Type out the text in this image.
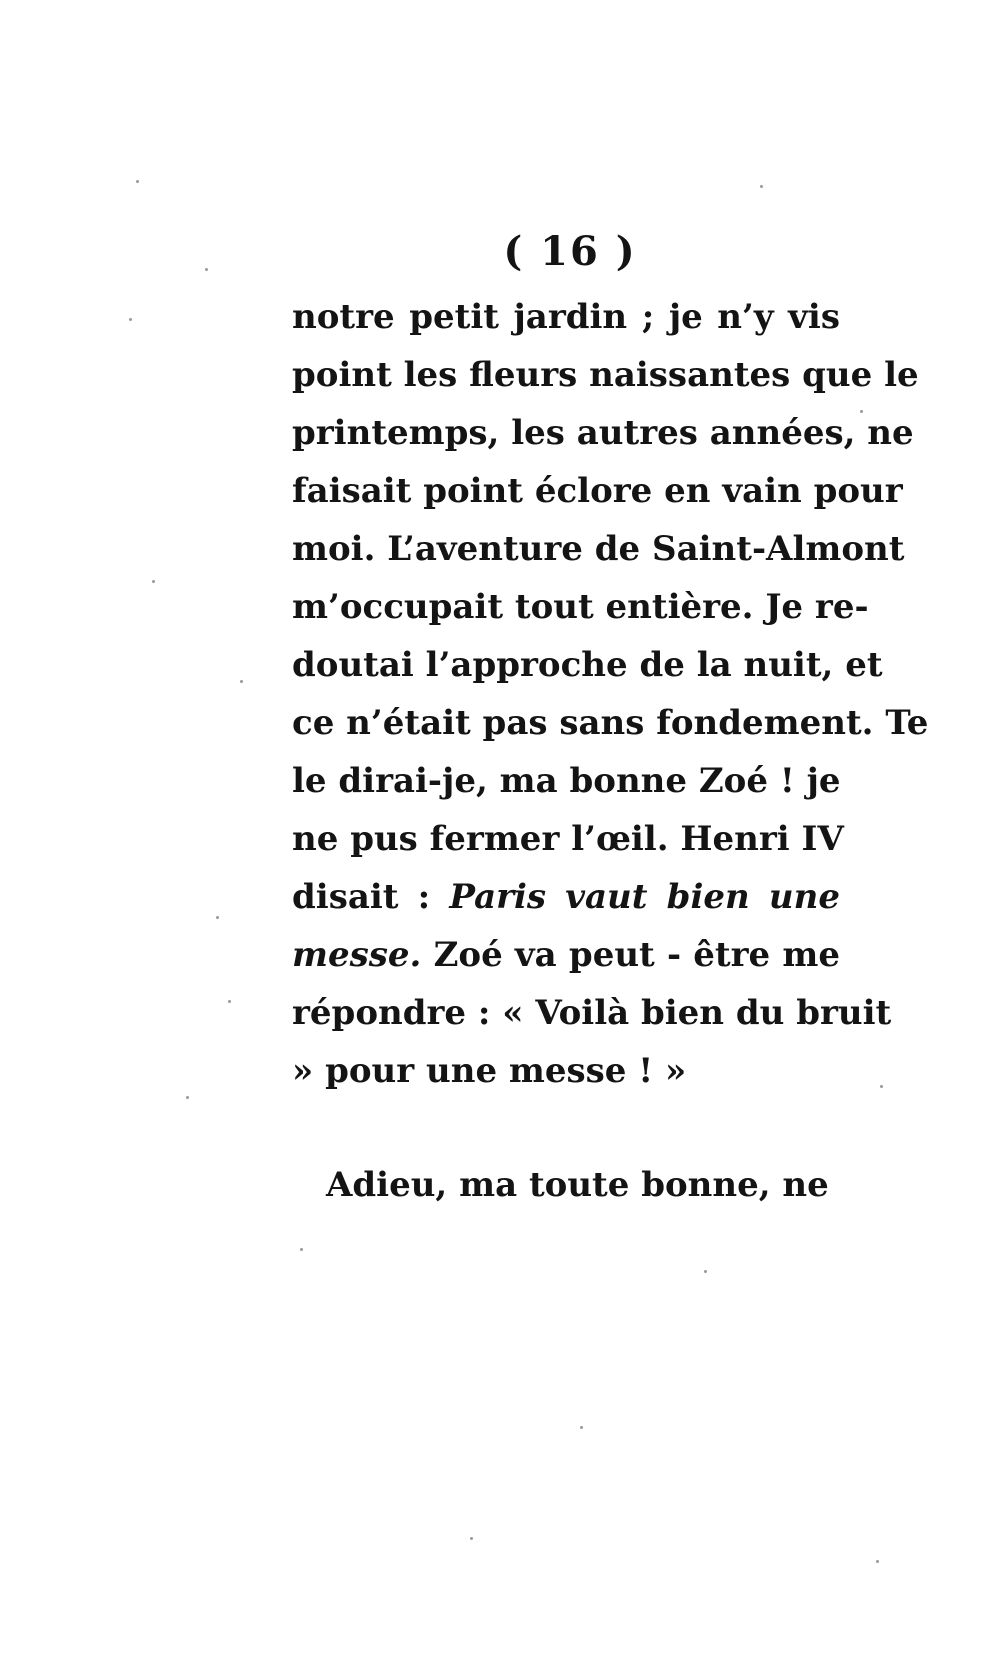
( 16 )
notre petit jardin ; je n’y vis
point les fleurs naissantes que le
printemps, les autres années, ne
faisait point éclore en vain pour
moi. L’aventure de Saint-Almont
m’occupait tout entière. Je re-
doutai l’approche de la nuit, et
ce n’était pas sans fondement. Te
le dirai-je, ma bonne Zoé ! je
ne pus fermer l’œil. Henri IV
disait : Paris vaut bien une
messe. Zoé va peut - être me
répondre : « Voilà bien du bruit
» pour une messe ! »
Adieu, ma toute bonne, ne
